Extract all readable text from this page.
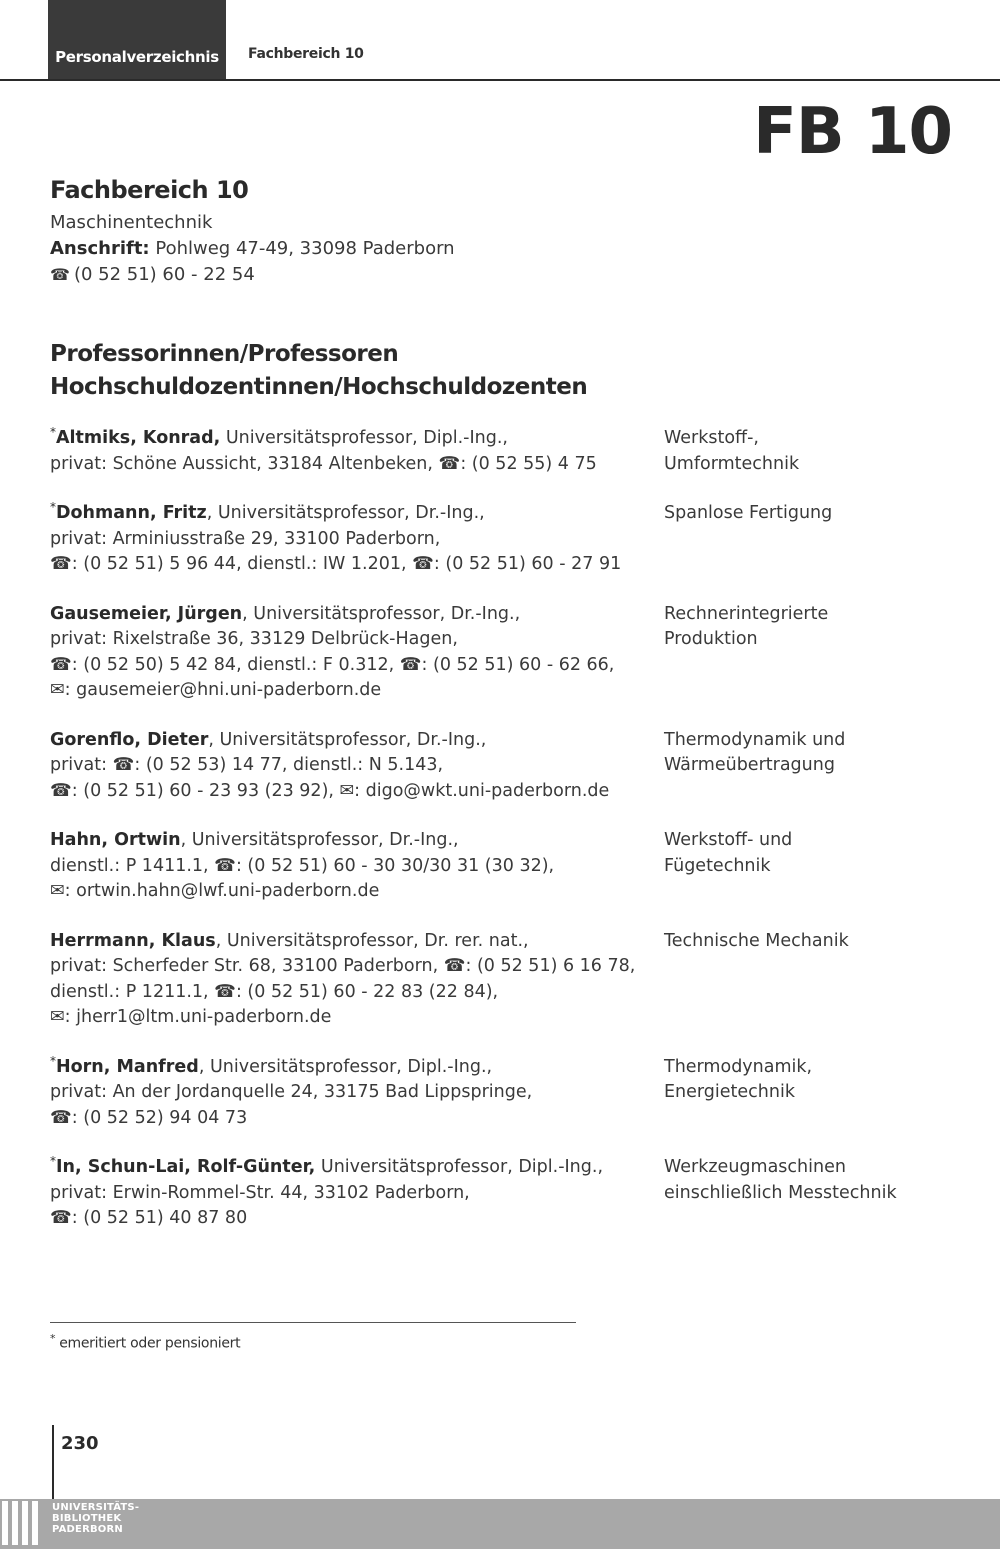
Personalverzeichnis Fachbereich 10
FB 10
Fachbereich 10
Maschinentechnik
Anschrift: Pohlweg 47-49, 33098 Paderborn
☎ (0 52 51) 60 - 22 54
Professorinnen/Professoren
Hochschuldozentinnen/Hochschuldozenten
*Altmiks, Konrad, Universitätsprofessor, Dipl.-Ing.,
privat: Schöne Aussicht, 33184 Altenbeken, ☎: (0 52 55) 4 75
Werkstoff-,
Umformtechnik
*Dohmann, Fritz, Universitätsprofessor, Dr.-Ing.,
privat: Arminiusstraße 29, 33100 Paderborn,
☎: (0 52 51) 5 96 44, dienstl.: IW 1.201, ☎: (0 52 51) 60 - 27 91
Spanlose Fertigung
Gausemeier, Jürgen, Universitätsprofessor, Dr.-Ing.,
privat: Rixelstraße 36, 33129 Delbrück-Hagen,
☎: (0 52 50) 5 42 84, dienstl.: F 0.312, ☎: (0 52 51) 60 - 62 66,
✉: gausemeier@hni.uni-paderborn.de
Rechnerintegrierte
Produktion
Gorenflo, Dieter, Universitätsprofessor, Dr.-Ing.,
privat: ☎: (0 52 53) 14 77, dienstl.: N 5.143,
☎: (0 52 51) 60 - 23 93 (23 92), ✉: digo@wkt.uni-paderborn.de
Thermodynamik und
Wärmeübertragung
Hahn, Ortwin, Universitätsprofessor, Dr.-Ing.,
dienstl.: P 1411.1, ☎: (0 52 51) 60 - 30 30/30 31 (30 32),
✉: ortwin.hahn@lwf.uni-paderborn.de
Werkstoff- und
Fügetechnik
Herrmann, Klaus, Universitätsprofessor, Dr. rer. nat.,
privat: Scherfeder Str. 68, 33100 Paderborn, ☎: (0 52 51) 6 16 78,
dienstl.: P 1211.1, ☎: (0 52 51) 60 - 22 83 (22 84),
✉: jherr1@ltm.uni-paderborn.de
Technische Mechanik
*Horn, Manfred, Universitätsprofessor, Dipl.-Ing.,
privat: An der Jordanquelle 24, 33175 Bad Lippspringe,
☎: (0 52 52) 94 04 73
Thermodynamik,
Energietechnik
*In, Schun-Lai, Rolf-Günter, Universitätsprofessor, Dipl.-Ing.,
privat: Erwin-Rommel-Str. 44, 33102 Paderborn,
☎: (0 52 51) 40 87 80
Werkzeugmaschinen
einschließlich Messtechnik
* emeritiert oder pensioniert
230
UNIVERSITÄTS-
BIBLIOTHEK
PADERBORN
